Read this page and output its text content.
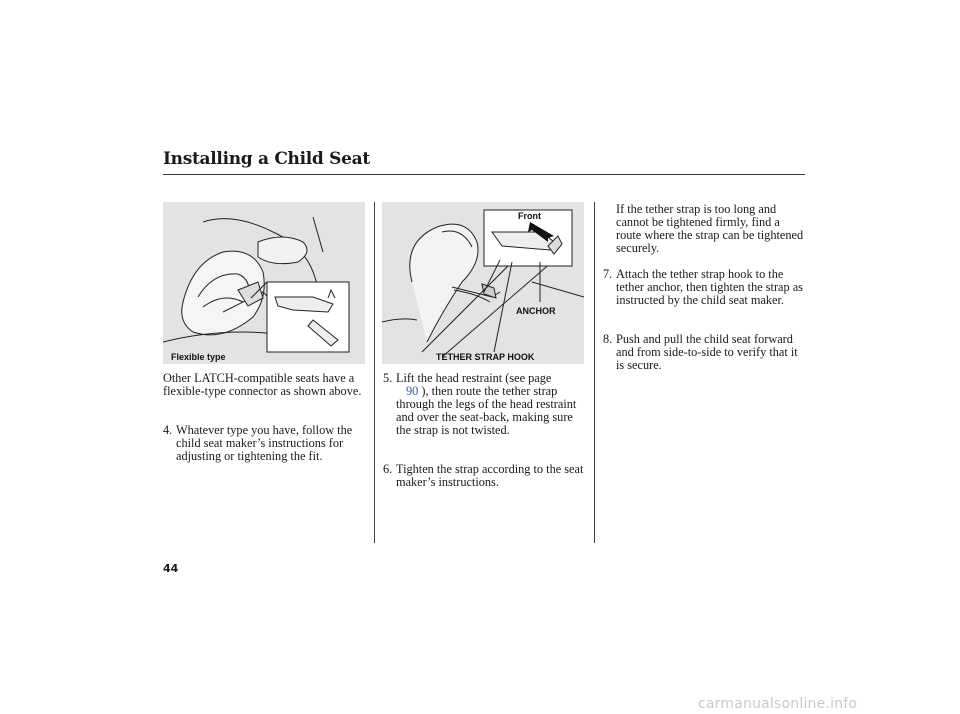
Installing a Child Seat
Flexible type
Front
ANCHOR
TETHER STRAP HOOK

Other LATCH-compatible seats have a flexible-type connector as shown above.

4. Whatever type you have, follow the child seat maker’s instructions for adjusting or tightening the fit.
5. Lift the head restraint (see page
90 ), then route the tether strap through the legs of the head restraint and over the seat-back, making sure the strap is not twisted.
6. Tighten the strap according to the seat maker’s instructions.

If the tether strap is too long and cannot be tightened firmly, find a route where the strap can be tightened securely.

7. Attach the tether strap hook to the tether anchor, then tighten the strap as instructed by the child seat maker.
8. Push and pull the child seat forward and from side-to-side to verify that it is secure.
44
carmanualsonline.info
